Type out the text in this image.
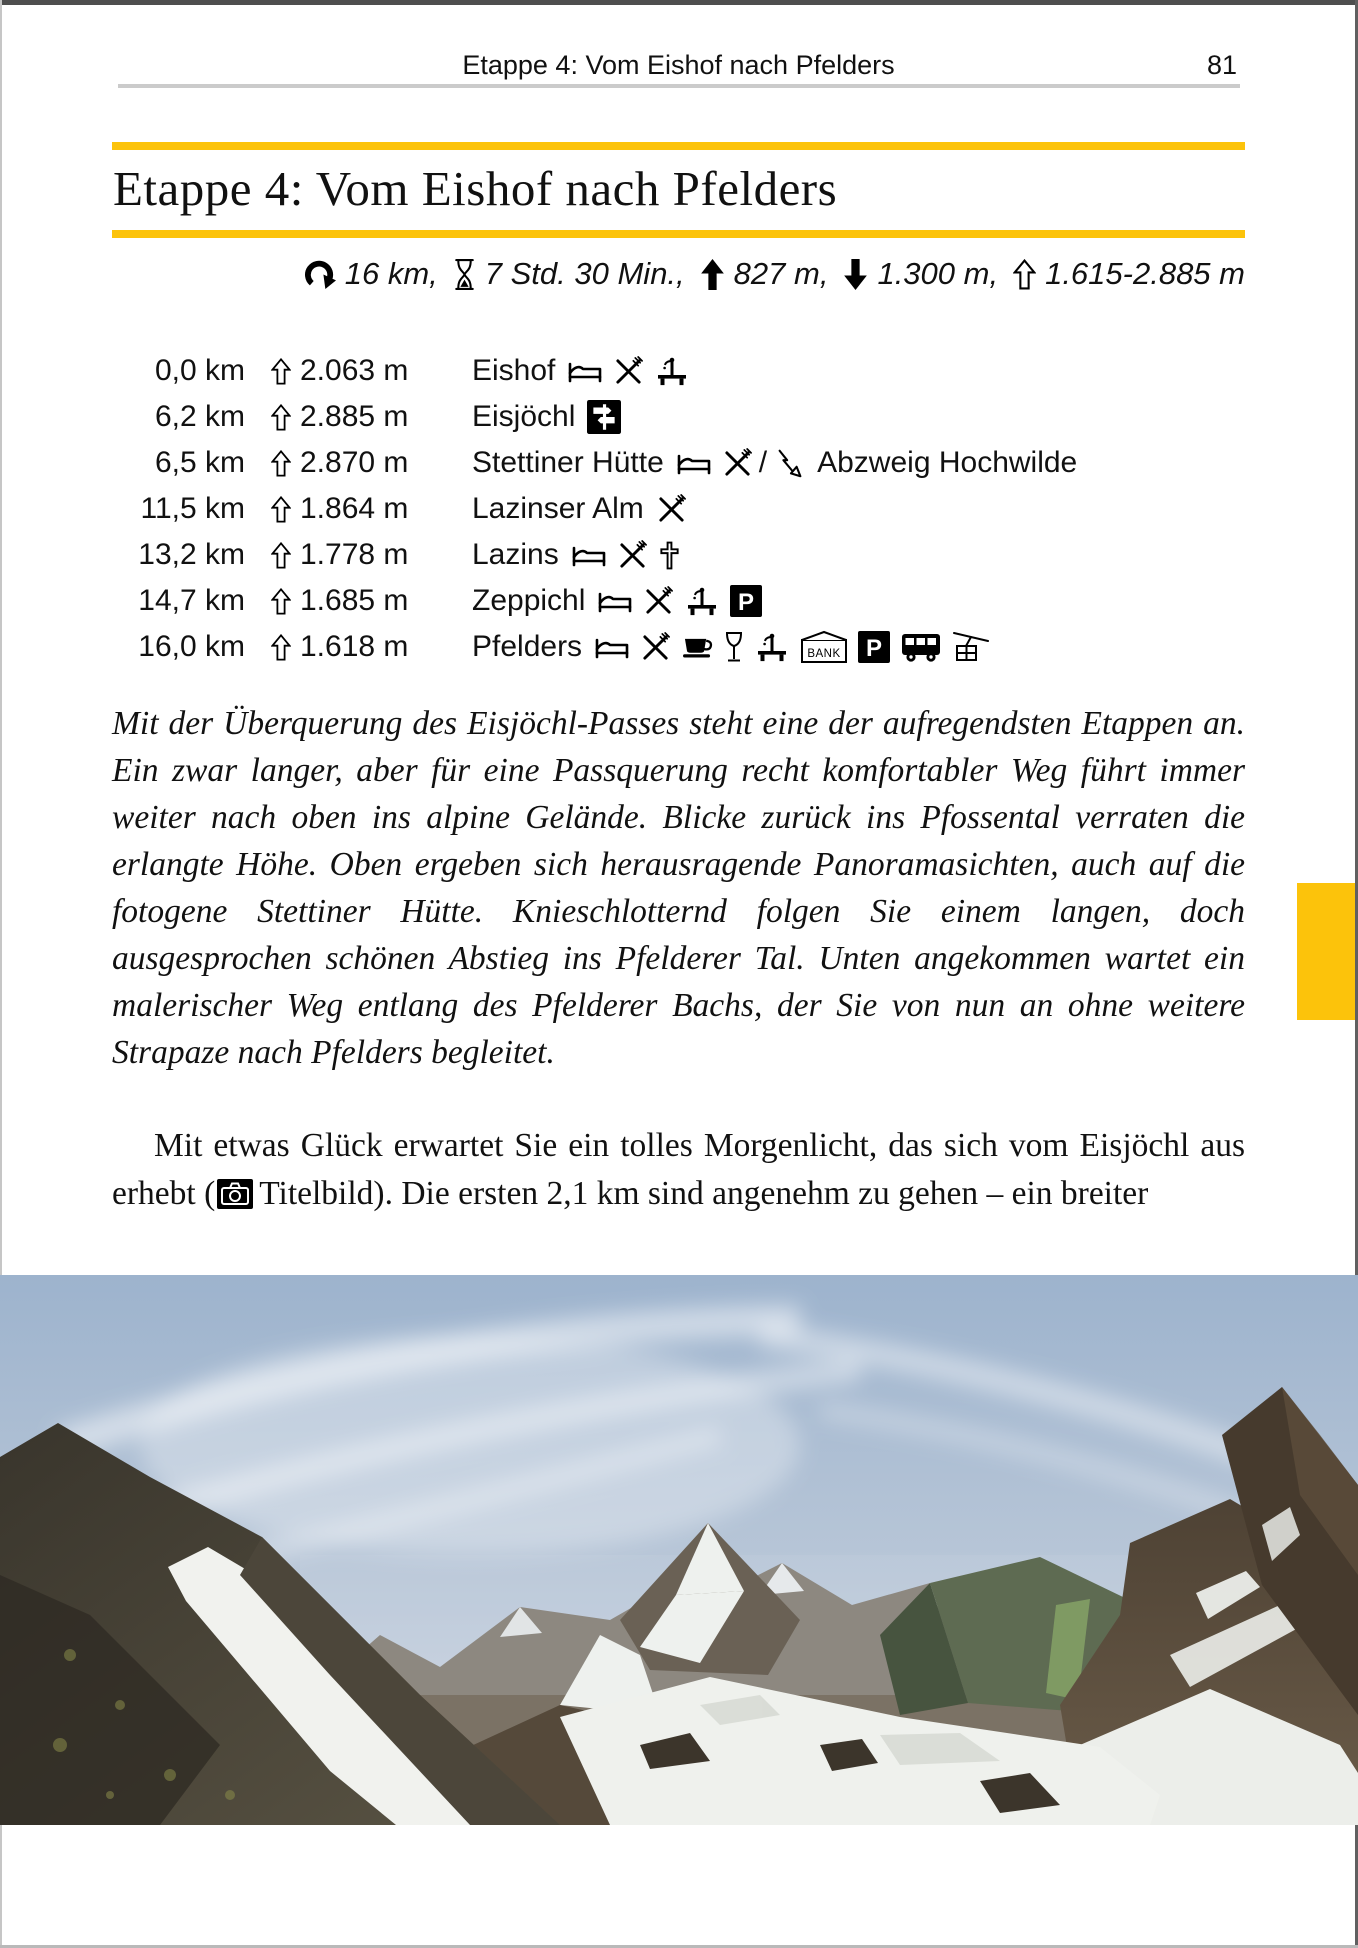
Etappe 4: Vom Eishof nach Pfelders	81
Etappe 4: Vom Eishof nach Pfelders
16 km, 7 Std. 30 Min., 827 m, 1.300 m, 1.615-2.885 m
0,0 km 2.063 m Eishof
6,2 km 2.885 m Eisjöchl
6,5 km 2.870 m Stettiner Hütte	/ Abzweig Hochwilde
11,5 km 1.864 m Lazinser Alm
13,2 km 1.778 m Lazins
14,7 km 1.685 m Zeppichl
16,0 km 1.618 m Pfelders
Mit der Überquerung des Eisjöchl-Passes steht eine der aufregendsten Etappen an. Ein zwar langer, aber für eine Passquerung recht komfortabler Weg führt immer weiter nach oben ins alpine Gelände. Blicke zurück ins Pfossental verraten die erlangte Höhe. Oben ergeben sich herausragende Panoramasichten, auch auf die fotogene Stettiner Hütte. Knieschlotternd folgen Sie einem langen, doch ausgesprochen schönen Abstieg ins Pfelderer Tal. Unten angekommen wartet ein malerischer Weg entlang des Pfelderer Bachs, der Sie von nun an ohne weitere Strapaze nach Pfelders begleitet.
Mit etwas Glück erwartet Sie ein tolles Morgenlicht, das sich vom Eisjöchl aus erhebt ( Titelbild). Die ersten 2,1 km sind angenehm zu gehen – ein breiter
